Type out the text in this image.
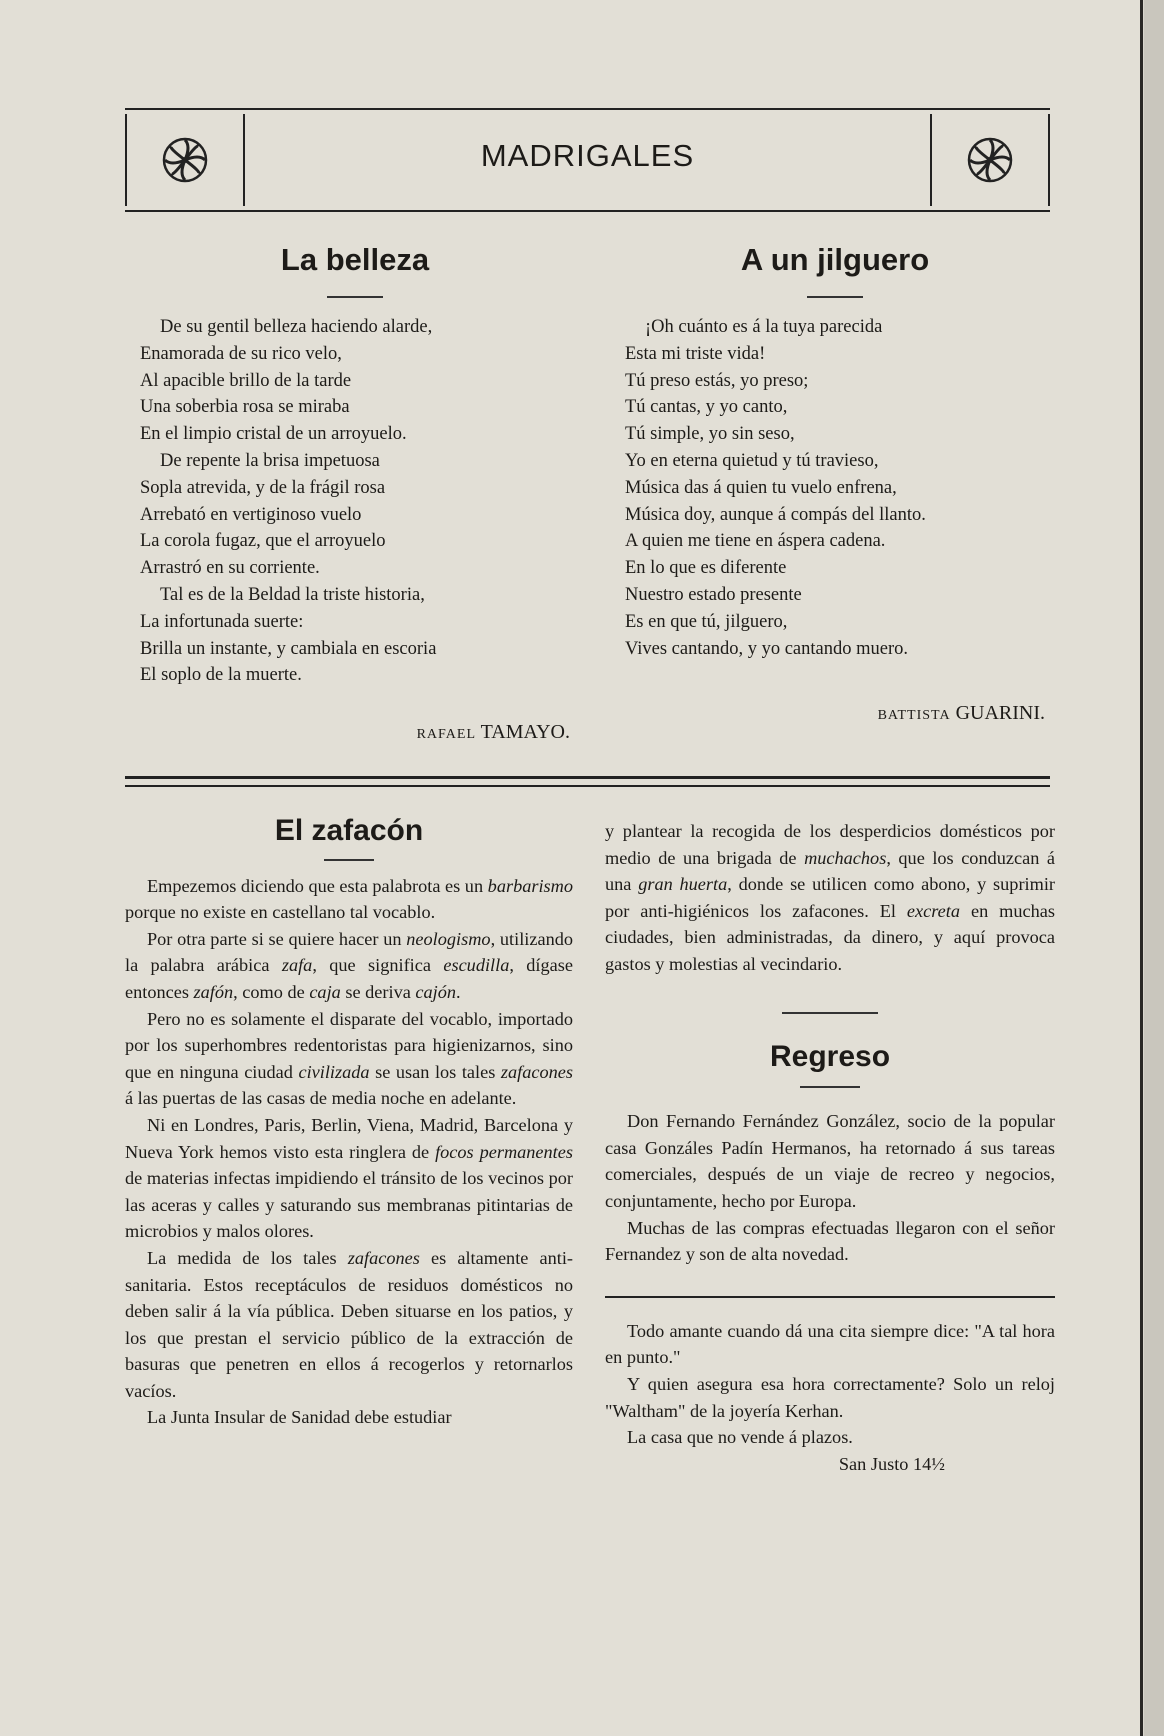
MADRIGALES
La belleza
De su gentil belleza haciendo alarde,
Enamorada de su rico velo,
Al apacible brillo de la tarde
Una soberbia rosa se miraba
En el limpio cristal de un arroyuelo.
De repente la brisa impetuosa
Sopla atrevida, y de la frágil rosa
Arrebató en vertiginoso vuelo
La corola fugaz, que el arroyuelo
Arrastró en su corriente.
Tal es de la Beldad la triste historia,
La infortunada suerte:
Brilla un instante, y cambiala en escoria
El soplo de la muerte.
RAFAEL TAMAYO.
A un jilguero
¡Oh cuánto es á la tuya parecida
Esta mi triste vida!
Tú preso estás, yo preso;
Tú cantas, y yo canto,
Tú simple, yo sin seso,
Yo en eterna quietud y tú travieso,
Música das á quien tu vuelo enfrena,
Música doy, aunque á compás del llanto.
A quien me tiene en áspera cadena.
En lo que es diferente
Nuestro estado presente
Es en que tú, jilguero,
Vives cantando, y yo cantando muero.
BATTISTA GUARINI.
El zafacón

Empezemos diciendo que esta palabrota es un barbarismo porque no existe en castellano tal vocablo.

Por otra parte si se quiere hacer un neologismo, utilizando la palabra arábica zafa, que significa escudilla, dígase entonces zafón, como de caja se deriva cajón.

Pero no es solamente el disparate del vocablo, importado por los superhombres redentoristas para higienizarnos, sino que en ninguna ciudad civilizada se usan los tales zafacones á las puertas de las casas de media noche en adelante.

Ni en Londres, Paris, Berlin, Viena, Madrid, Barcelona y Nueva York hemos visto esta ringlera de focos permanentes de materias infectas impidiendo el tránsito de los vecinos por las aceras y calles y saturando sus membranas pitintarias de microbios y malos olores.

La medida de los tales zafacones es altamente anti-sanitaria. Estos receptáculos de residuos domésticos no deben salir á la vía pública. Deben situarse en los patios, y los que prestan el servicio público de la extracción de basuras que penetren en ellos á recogerlos y retornarlos vacíos.

La Junta Insular de Sanidad debe estudiar

y plantear la recogida de los desperdicios domésticos por medio de una brigada de muchachos, que los conduzcan á una gran huerta, donde se utilicen como abono, y suprimir por anti-higiénicos los zafacones. El excreta en muchas ciudades, bien administradas, da dinero, y aquí provoca gastos y molestias al vecindario.

Regreso

Don Fernando Fernández González, socio de la popular casa Gonzáles Padín Hermanos, ha retornado á sus tareas comerciales, después de un viaje de recreo y negocios, conjuntamente, hecho por Europa.

Muchas de las compras efectuadas llegaron con el señor Fernandez y son de alta novedad.

Todo amante cuando dá una cita siempre dice: "A tal hora en punto."

Y quien asegura esa hora correctamente? Solo un reloj "Waltham" de la joyería Kerhan.

La casa que no vende á plazos.

San Justo 14½
